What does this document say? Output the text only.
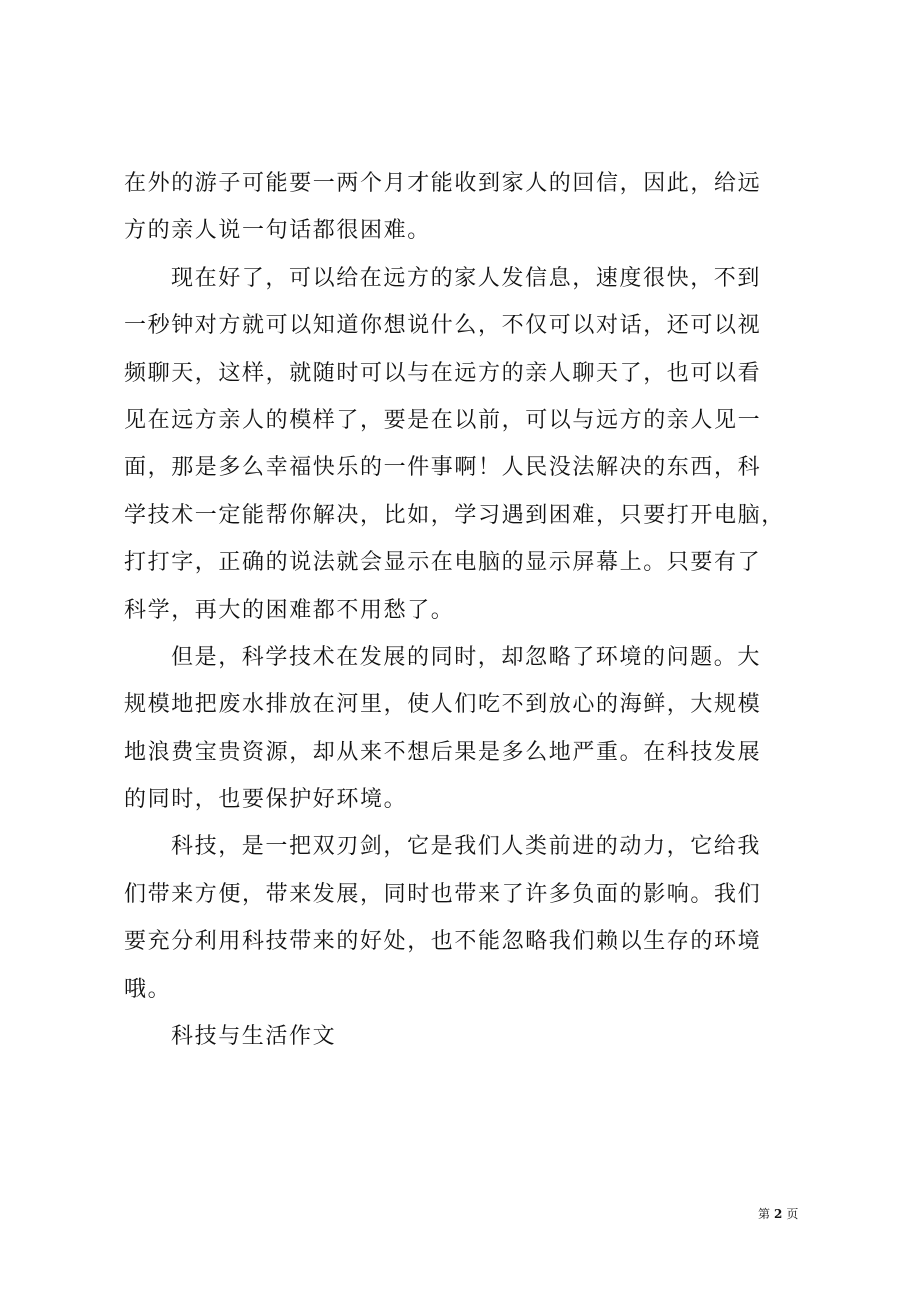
在外的游子可能要一两个月才能收到家人的回信，因此，给远
方的亲人说一句话都很困难。
现在好了，可以给在远方的家人发信息，速度很快，不到
一秒钟对方就可以知道你想说什么，不仅可以对话，还可以视
频聊天，这样，就随时可以与在远方的亲人聊天了，也可以看
见在远方亲人的模样了，要是在以前，可以与远方的亲人见一
面，那是多么幸福快乐的一件事啊！人民没法解决的东西，科
学技术一定能帮你解决，比如，学习遇到困难，只要打开电脑，
打打字，正确的说法就会显示在电脑的显示屏幕上。只要有了
科学，再大的困难都不用愁了。
但是，科学技术在发展的同时，却忽略了环境的问题。大
规模地把废水排放在河里，使人们吃不到放心的海鲜，大规模
地浪费宝贵资源，却从来不想后果是多么地严重。在科技发展
的同时，也要保护好环境。
科技，是一把双刃剑，它是我们人类前进的动力，它给我
们带来方便，带来发展，同时也带来了许多负面的影响。我们
要充分利用科技带来的好处，也不能忽略我们赖以生存的环境
哦。
科技与生活作文
第 2 页
